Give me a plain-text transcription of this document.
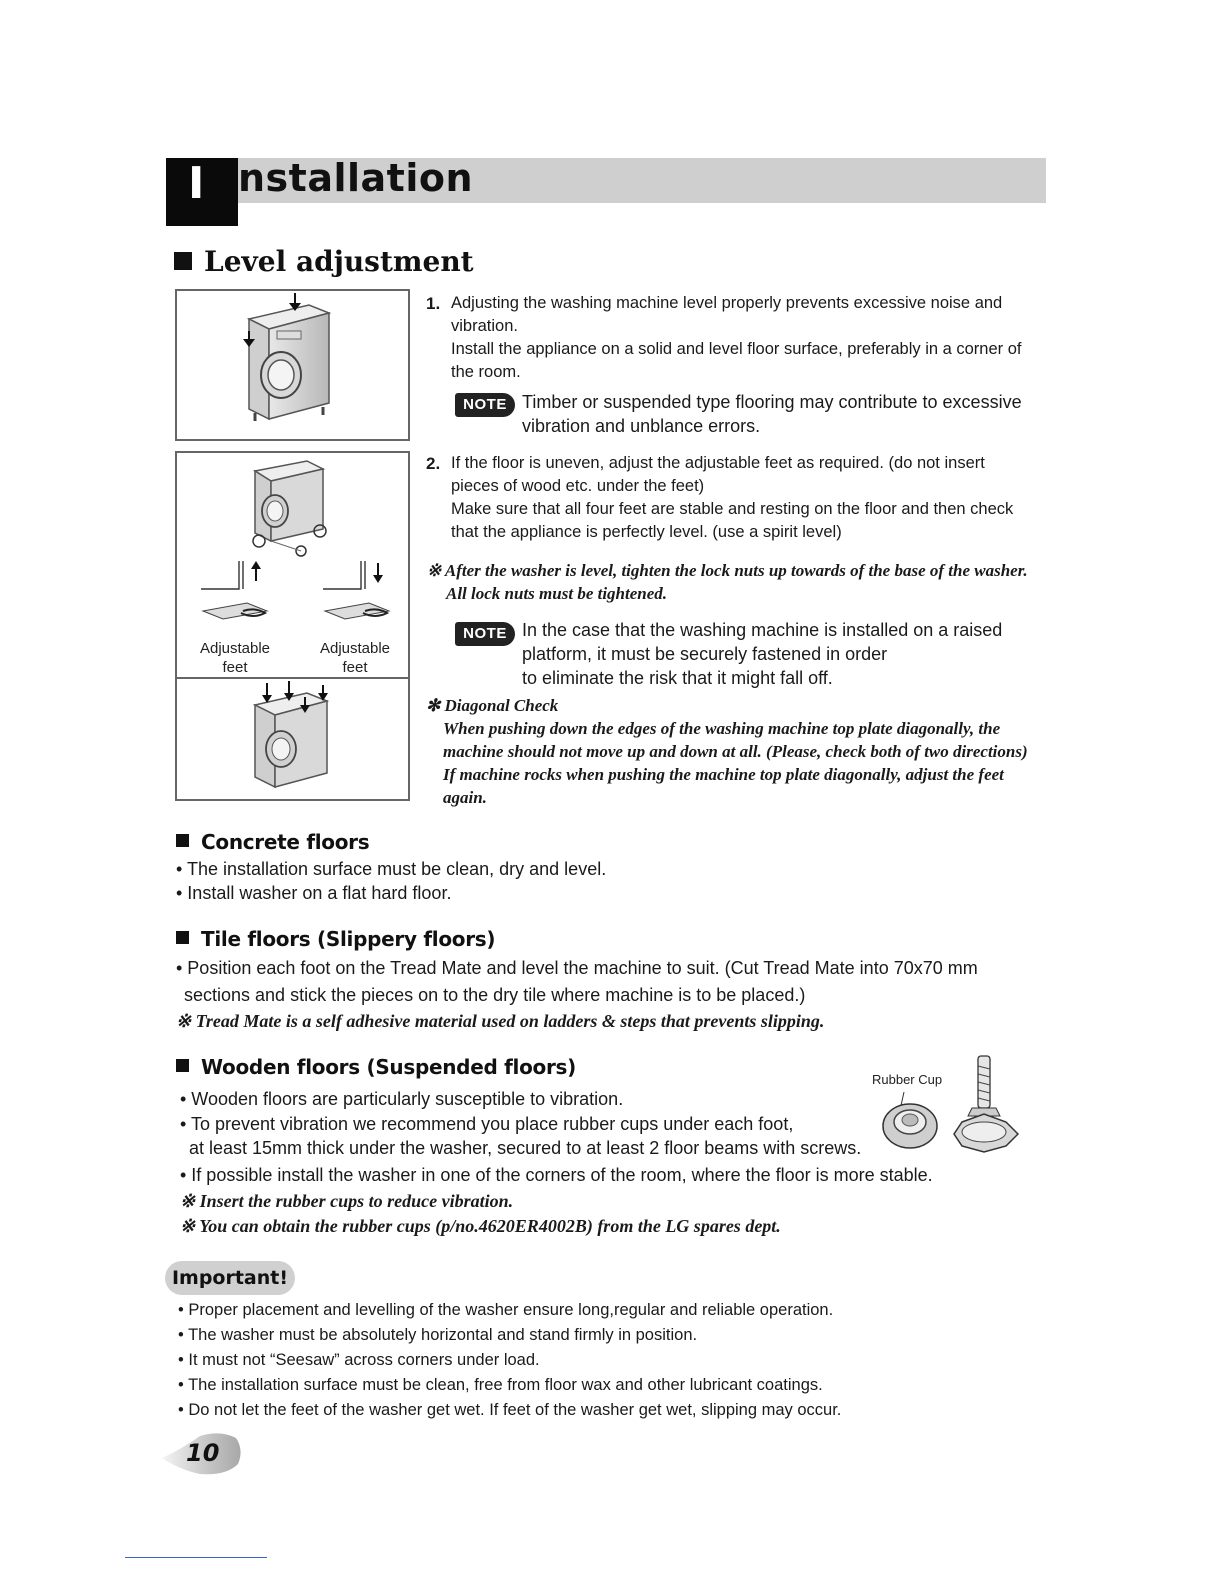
I nstallation
Level adjustment
Adjustable
feet
Adjustable
feet
1. Adjusting the washing machine level properly prevents excessive noise and
vibration.
Install the appliance on a solid and level floor surface, preferably in a corner of
the room.
NOTE Timber or suspended type flooring may contribute to excessive
vibration and unblance errors.
2. If the floor is uneven, adjust the adjustable feet as required. (do not insert
pieces of wood etc. under the feet)
Make sure that all four feet are stable and resting on the floor and then check
that the appliance is perfectly level. (use a spirit level)
※ After the washer is level, tighten the lock nuts up towards of the base of the washer.
All lock nuts must be tightened.
NOTE In the case that the washing machine is installed on a raised
platform, it must be securely fastened in order
to eliminate the risk that it might fall off.
✻ Diagonal Check
When pushing down the edges of the washing machine top plate diagonally, the
machine should not move up and down at all. (Please, check both of two directions)
If machine rocks when pushing the machine top plate diagonally, adjust the feet
again.
Concrete floors
• The installation surface must be clean, dry and level.
• Install washer on a flat hard floor.
Tile floors (Slippery floors)
• Position each foot on the Tread Mate and level the machine to suit. (Cut Tread Mate into 70x70 mm
sections and stick the pieces on to the dry tile where machine is to be placed.)
※ Tread Mate is a self adhesive material used on ladders & steps that prevents slipping.
Wooden floors (Suspended floors)
• Wooden floors are particularly susceptible to vibration.
• To prevent vibration we recommend you place rubber cups under each foot,
at least 15mm thick under the washer, secured to at least 2 floor beams with screws.
• If possible install the washer in one of the corners of the room, where the floor is more stable.
※ Insert the rubber cups to reduce vibration.
※ You can obtain the rubber cups (p/no.4620ER4002B) from the LG spares dept.
Rubber Cup
Important!
• Proper placement and levelling of the washer ensure long,regular and reliable operation.
• The washer must be absolutely horizontal and stand firmly in position.
• It must not “Seesaw” across corners under load.
• The installation surface must be clean, free from floor wax and other lubricant coatings.
• Do not let the feet of the washer get wet. If feet of the washer get wet, slipping may occur.
10
